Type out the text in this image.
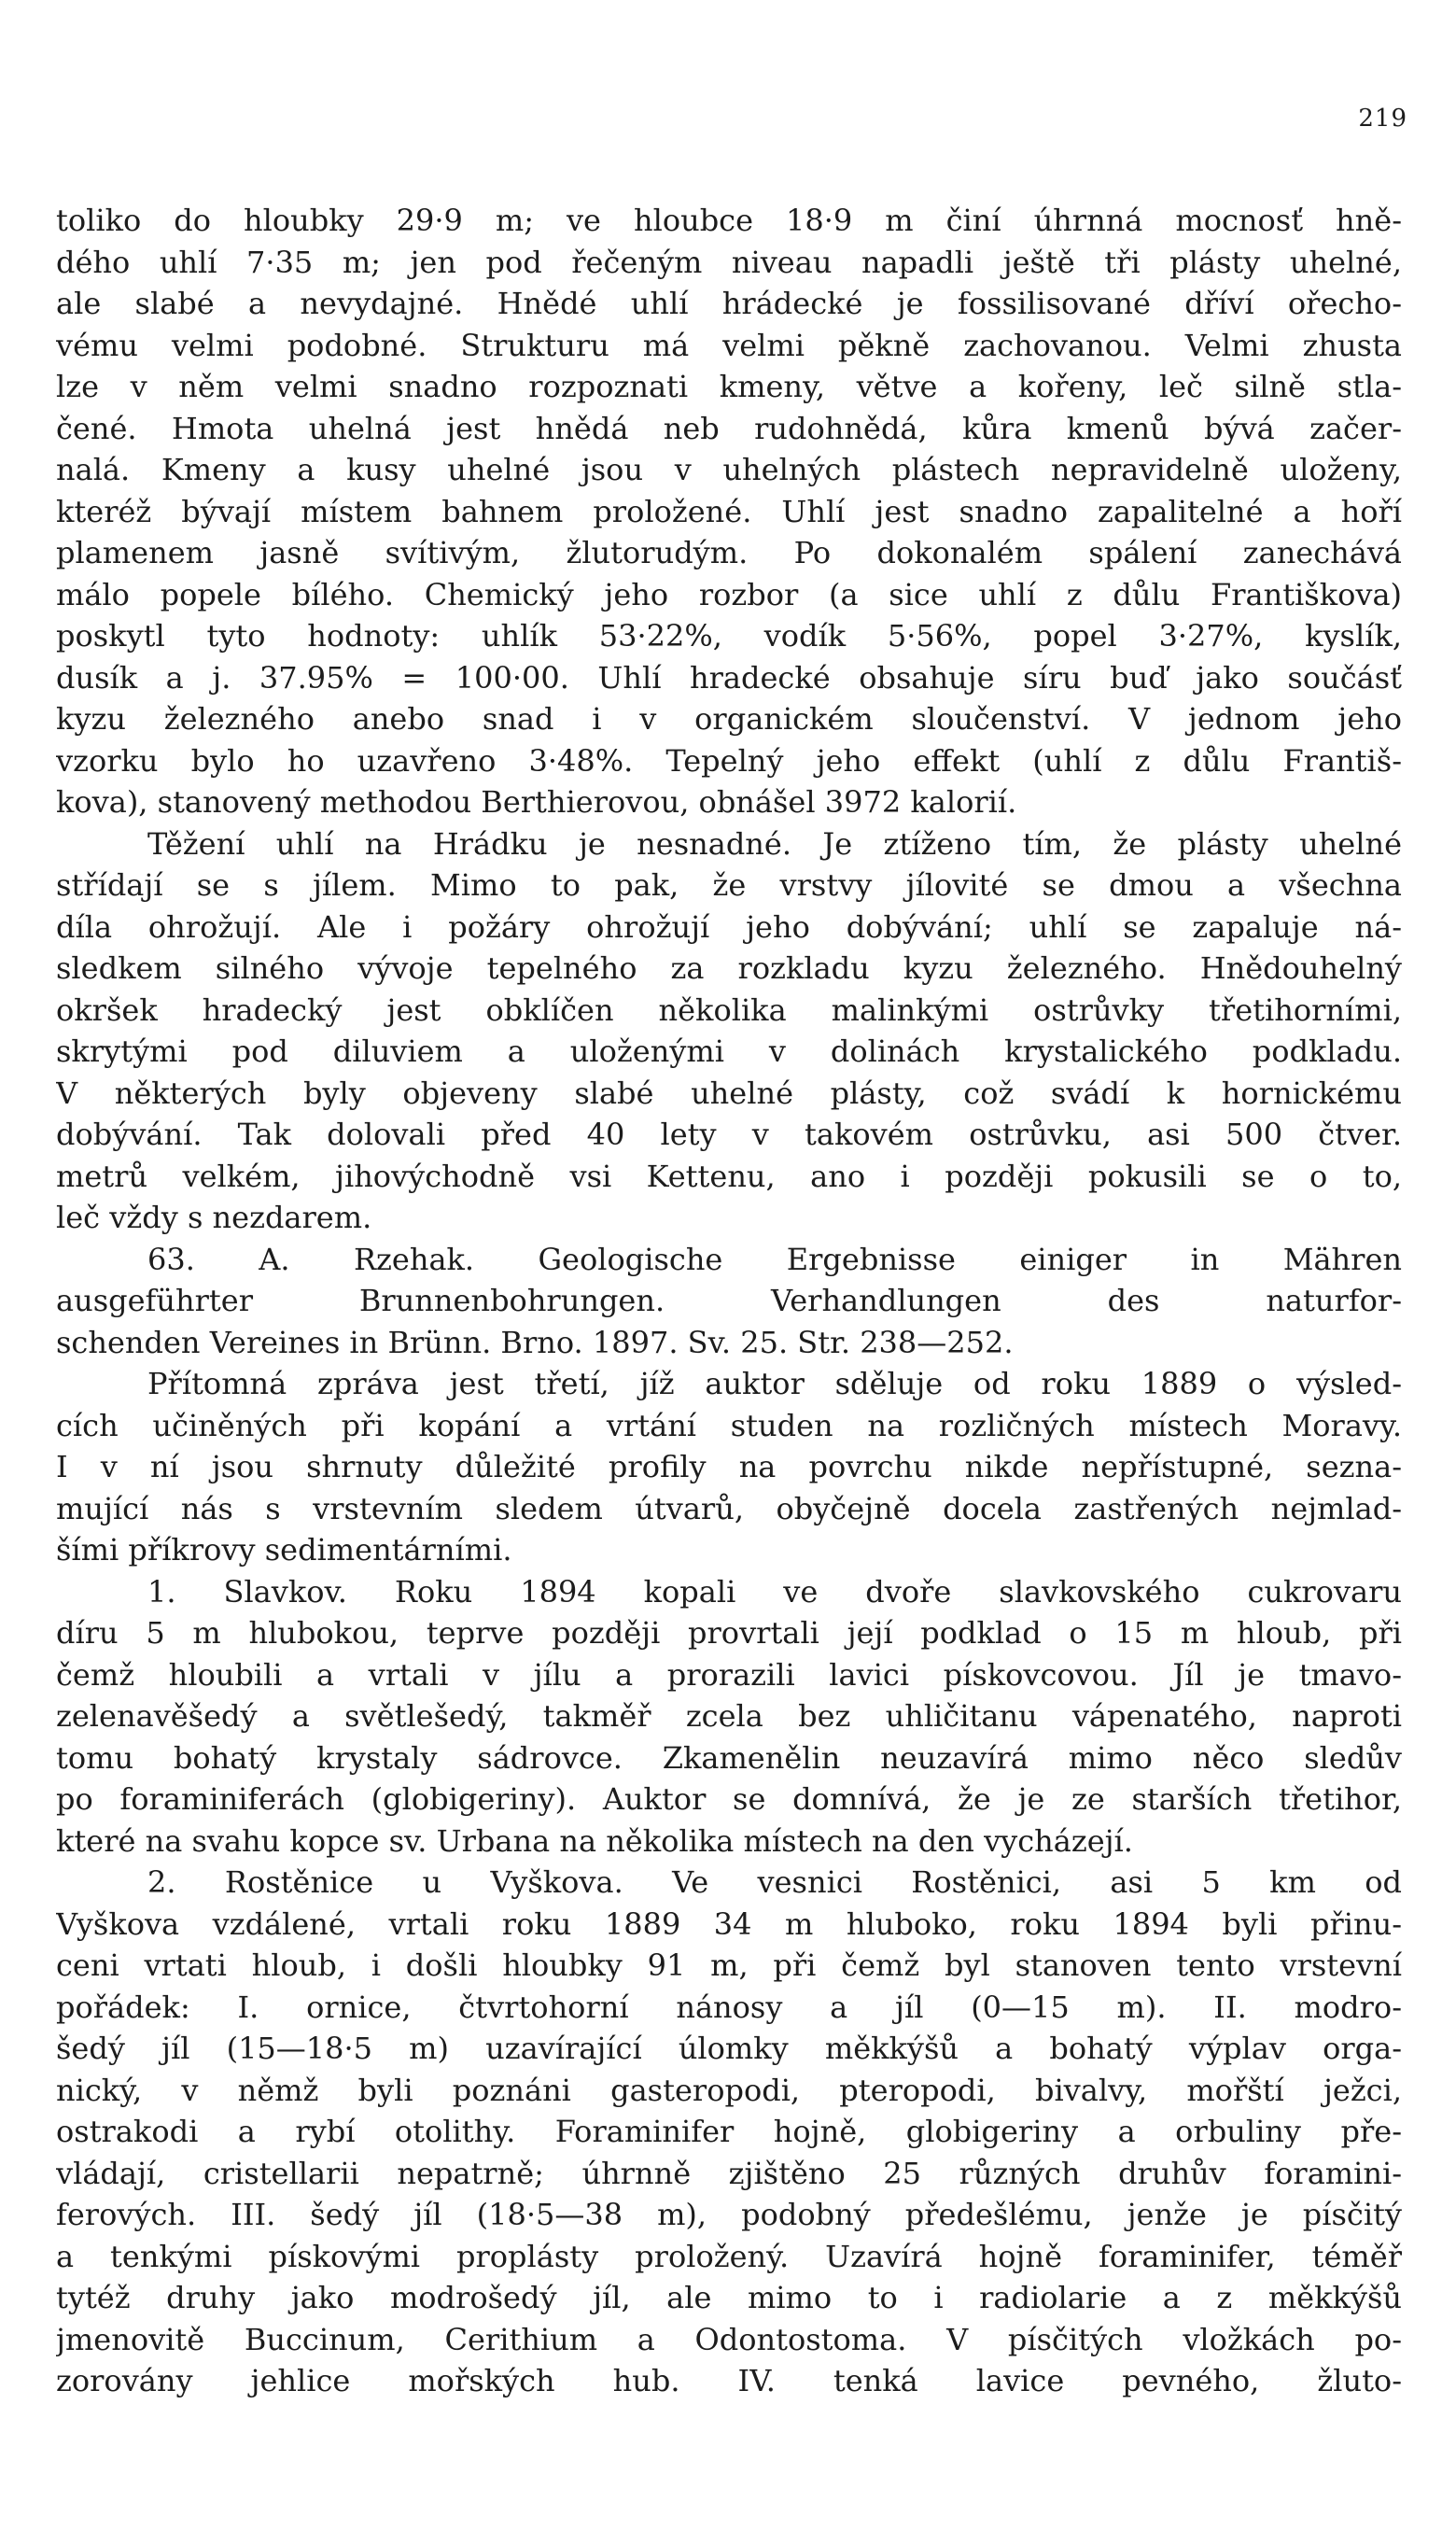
219
toliko do hloubky 29·9 m; ve hloubce 18·9 m činí úhrnná mocnosť hně-
dého uhlí 7·35 m; jen pod řečeným niveau napadli ještě tři plásty uhelné,
ale slabé a nevydajné. Hnědé uhlí hrádecké je fossilisované dříví ořecho-
vému velmi podobné. Strukturu má velmi pěkně zachovanou. Velmi zhusta
lze v něm velmi snadno rozpoznati kmeny, větve a kořeny, leč silně stla-
čené. Hmota uhelná jest hnědá neb rudohnědá, kůra kmenů bývá začer-
nalá. Kmeny a kusy uhelné jsou v uhelných plástech nepravidelně uloženy,
kteréž bývají místem bahnem proložené. Uhlí jest snadno zapalitelné a hoří
plamenem jasně svítivým, žlutorudým. Po dokonalém spálení zanechává
málo popele bílého. Chemický jeho rozbor (a sice uhlí z důlu Františkova)
poskytl tyto hodnoty: uhlík 53·22%, vodík 5·56%, popel 3·27%, kyslík,
dusík a j. 37.95% = 100·00. Uhlí hradecké obsahuje síru buď jako součásť
kyzu železného anebo snad i v organickém sloučenství. V jednom jeho
vzorku bylo ho uzavřeno 3·48%. Tepelný jeho effekt (uhlí z důlu Františ-
kova), stanovený methodou Berthierovou, obnášel 3972 kalorií.
Těžení uhlí na Hrádku je nesnadné. Je ztíženo tím, že plásty uhelné
střídají se s jílem. Mimo to pak, že vrstvy jílovité se dmou a všechna
díla ohrožují. Ale i požáry ohrožují jeho dobývání; uhlí se zapaluje ná-
sledkem silného vývoje tepelného za rozkladu kyzu železného. Hnědouhelný
okršek hradecký jest obklíčen několika malinkými ostrůvky třetihorními,
skrytými pod diluviem a uloženými v dolinách krystalického podkladu.
V některých byly objeveny slabé uhelné plásty, což svádí k hornickému
dobývání. Tak dolovali před 40 lety v takovém ostrůvku, asi 500 čtver.
metrů velkém, jihovýchodně vsi Kettenu, ano i později pokusili se o to,
leč vždy s nezdarem.
63. A. Rzehak. Geologische Ergebnisse einiger in Mähren
ausgeführter Brunnenbohrungen. Verhandlungen des naturfor-
schenden Vereines in Brünn. Brno. 1897. Sv. 25. Str. 238—252.
Přítomná zpráva jest třetí, jíž auktor sděluje od roku 1889 o výsled-
cích učiněných při kopání a vrtání studen na rozličných místech Moravy.
I v ní jsou shrnuty důležité profily na povrchu nikde nepřístupné, sezna-
mující nás s vrstevním sledem útvarů, obyčejně docela zastřených nejmlad-
šími příkrovy sedimentárními.
1. Slavkov. Roku 1894 kopali ve dvoře slavkovského cukrovaru
díru 5 m hlubokou, teprve později provrtali její podklad o 15 m hloub, při
čemž hloubili a vrtali v jílu a prorazili lavici pískovcovou. Jíl je tmavo-
zelenavěšedý a světlešedý, takměř zcela bez uhličitanu vápenatého, naproti
tomu bohatý krystaly sádrovce. Zkamenělin neuzavírá mimo něco sledův
po foraminiferách (globigeriny). Auktor se domnívá, že je ze starších třetihor,
které na svahu kopce sv. Urbana na několika místech na den vycházejí.
2. Rostěnice u Vyškova. Ve vesnici Rostěnici, asi 5 km od
Vyškova vzdálené, vrtali roku 1889 34 m hluboko, roku 1894 byli přinu-
ceni vrtati hloub, i došli hloubky 91 m, při čemž byl stanoven tento vrstevní
pořádek: I. ornice, čtvrtohorní nánosy a jíl (0—15 m). II. modro-
šedý jíl (15—18·5 m) uzavírající úlomky měkkýšů a bohatý výplav orga-
nický, v němž byli poznáni gasteropodi, pteropodi, bivalvy, mořští ježci,
ostrakodi a rybí otolithy. Foraminifer hojně, globigeriny a orbuliny pře-
vládají, cristellarii nepatrně; úhrnně zjištěno 25 různých druhův foramini-
ferových. III. šedý jíl (18·5—38 m), podobný předešlému, jenže je písčitý
a tenkými pískovými proplásty proložený. Uzavírá hojně foraminifer, téměř
tytéž druhy jako modrošedý jíl, ale mimo to i radiolarie a z měkkýšů
jmenovitě Buccinum, Cerithium a Odontostoma. V písčitých vložkách po-
zorovány jehlice mořských hub. IV. tenká lavice pevného, žluto-
